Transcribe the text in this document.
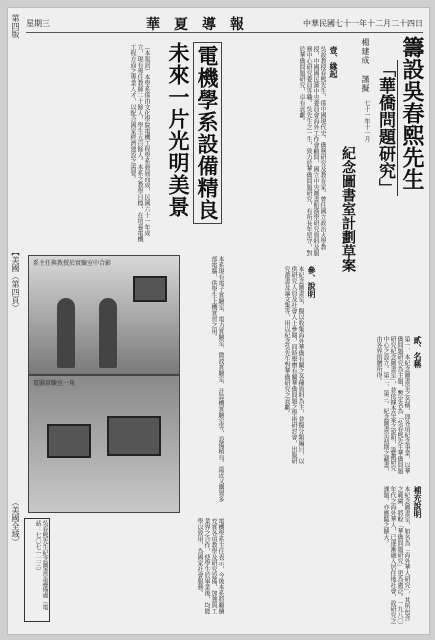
第四版
【美國（第四頁）
（美國全域）
星期三	華夏導報	中華民國七十一年十二月二十四日
籌設吳春熙先生
「華僑問題研究」
楊建成 謹擬
七十一年十一月
紀念圖書室計劃草案
壹、緣起
吳故教授春熙先生，係中國現代史、僑務研究及教育家。曾任國立政治大學教授，中國國民黨中央委員會海外工作會顧問，國立中央圖書館漢學研究資料及服務中心研究委員等職。吳先生之一生，致力於華僑問題研究，有所長年堅守，對於華僑問題研究，卓有貢獻。
貳、名稱
第一、本紀念圖書室之名稱，即各項紀念事業，以華僑問題研究為主題，暫定名為「吳春熙先生華僑問題研究紀念圖書室」，並依據本草案之說明，籌劃研究中心之設立。第二、第三、紀念圖書室初期之藏書，由各界捐贈所得。
參、說明
本紀念圖書室，擬以收集海外華僑有關之各種資料為主，並擬分類編目，以供研究人員及社會人士參閱，同時舉辦有關華僑問題之學術研討會，出版研究叢書及論文集等，用以紀念吳先生對華僑研究之貢獻。
補充說明
本紀念圖書室，如名為「海外華人研究」，其所包含之範圍，將較「華僑問題研究」更為廣泛。一九八〇年代之海外華人，已逐漸融入居住地社會，故研究之課題，亦應隨之擴大。
電機學系設備精良
未來一片光明美景
（本報訊）本學系係由文化學院電機工程學系發展而成，民國六十一年成立，現有專任教師二十餘人，學生五百餘人。本系之教學目標，在培養電機工程方面之專業人才，以配合國家經濟建設之需要。
本系現有電子實驗室、電力實驗室、微波實驗室、計算機實驗室等，設備精良。最近又購置多部電腦，供學生上機實習之用。
電機學系主任表示，今後本系將繼續充實各項教學及研究設備，加強與工業界之合作，使學生於畢業後，均能學以致用，為國家社會服務。
系主任與教授於實驗室中合影
電腦實驗室一角
吳春熙先生紀念圖書室籌備處（電話：七〇七一二三）
